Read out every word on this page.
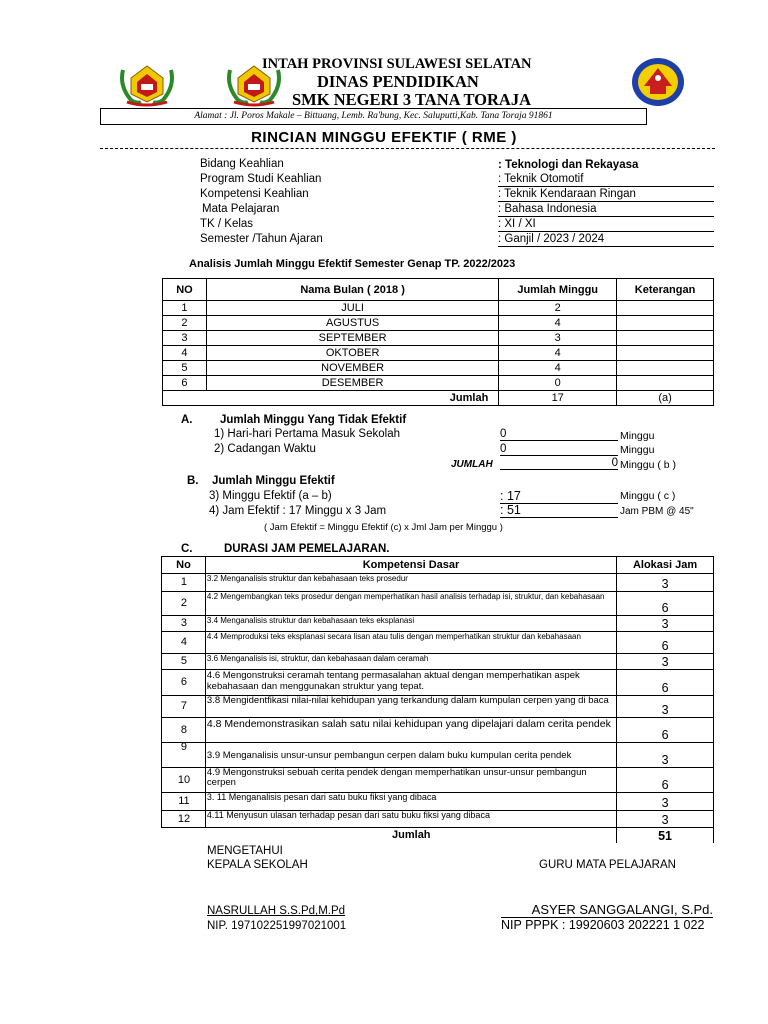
INTAH PROVINSI SULAWESI SELATAN
DINAS PENDIDIKAN
SMK NEGERI 3 TANA TORAJA
Alamat : Jl. Poros Makale – Bittuang, Lemb. Ra'bung, Kec. Saluputti,Kab. Tana Toraja 91861
RINCIAN MINGGU EFEKTIF ( RME )
Bidang Keahlian	: Teknologi dan Rekayasa
Program Studi Keahlian	: Teknik Otomotif
Kompetensi Keahlian	: Teknik Kendaraan Ringan
Mata Pelajaran	: Bahasa Indonesia
TK / Kelas	: XI / XI
Semester /Tahun Ajaran	: Ganjil / 2023 / 2024
Analisis Jumlah Minggu Efektif Semester Genap TP. 2022/2023
NO	Nama Bulan ( 2018 )	Jumlah Minggu	Keterangan
1	JULI	2	
2	AGUSTUS	4	
3	SEPTEMBER	3	
4	OKTOBER	4	
5	NOVEMBER	4	
6	DESEMBER	0	
	Jumlah	17	(a)
A. Jumlah Minggu Yang Tidak Efektif
1) Hari-hari Pertama Masuk Sekolah	0	Minggu
2) Cadangan Waktu	0	Minggu
JUMLAH	0 Minggu ( b )
B. Jumlah Minggu Efektif
3) Minggu Efektif (a – b)	: 17	Minggu ( c )
4) Jam Efektif : 17 Minggu x 3 Jam	: 51	Jam PBM @ 45"
( Jam Efektif = Minggu Efektif (c) x Jml Jam per Minggu )
C.	DURASI JAM PEMELAJARAN.
No	Kompetensi Dasar	Alokasi Jam
1	3.2 Menganalisis struktur dan kebahasaan teks prosedur	3
2	4.2 Mengembangkan teks prosedur dengan memperhatikan hasil analisis terhadap isi, struktur, dan kebahasaan	6
3	3.4 Menganalisis struktur dan kebahasaan teks eksplanasi	3
4	4.4 Memproduksi teks eksplanasi secara lisan atau tulis dengan memperhatikan struktur dan kebahasaan	6
5	3.6 Menganalisis isi, struktur, dan kebahasaan dalam ceramah	3
6	4.6 Mengonstruksi ceramah tentang permasalahan aktual dengan memperhatikan aspek kebahasaan dan menggunakan struktur yang tepat.	6
7	3.8 Mengidentfikasi nilai-nilai kehidupan yang terkandung dalam kumpulan cerpen yang di baca	3
8	4.8 Mendemonstrasikan salah satu nilai kehidupan yang dipelajari dalam cerita pendek	6
9	3.9 Menganalisis unsur-unsur pembangun cerpen dalam buku kumpulan cerita pendek	3
10	4.9 Mengonstruksi sebuah cerita pendek dengan memperhatikan unsur-unsur pembangun cerpen	6
11	3. 11 Menganalisis pesan dari satu buku fiksi yang dibaca	3
12	4.11 Menyusun ulasan terhadap pesan dari satu buku fiksi yang dibaca	3
	Jumlah	51
MENGETAHUI
KEPALA SEKOLAH	GURU MATA PELAJARAN
NASRULLAH S.S.Pd,M.Pd
NIP. 197102251997021001
ASYER SANGGALANGI, S.Pd.
NIP PPPK : 19920603 202221 1 022
